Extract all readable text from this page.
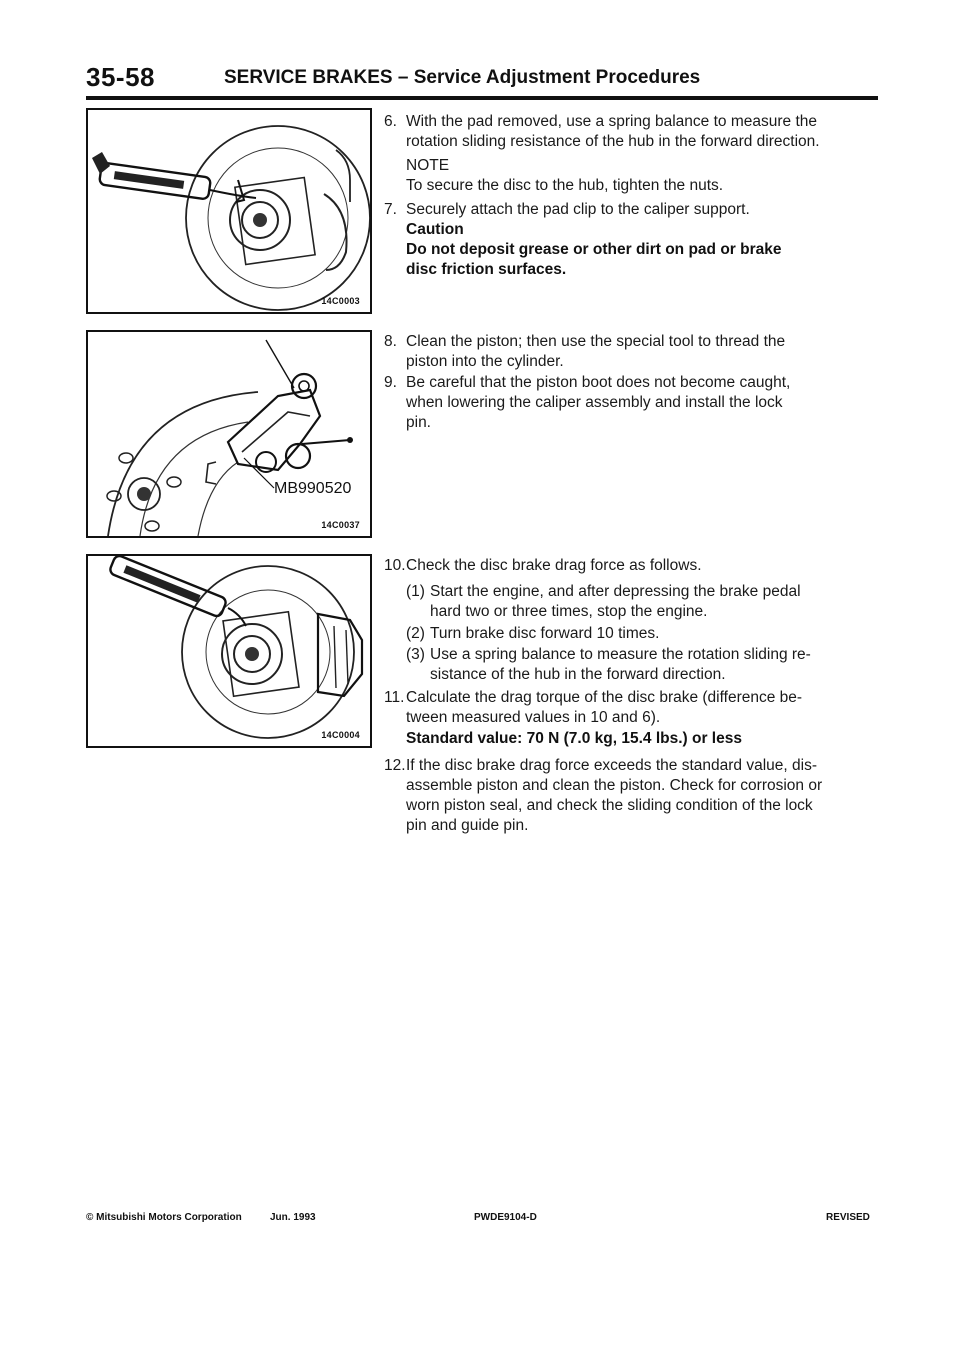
35-58	SERVICE BRAKES – Service Adjustment Procedures
14C0003
MB990520
14C0037
14C0004
6. With the pad removed, use a spring balance to measure the
rotation sliding resistance of the hub in the forward direction.
NOTE
To secure the disc to the hub, tighten the nuts.
7. Securely attach the pad clip to the caliper support.
Caution
Do not deposit grease or other dirt on pad or brake
disc friction surfaces.
8. Clean the piston; then use the special tool to thread the
piston into the cylinder.
9. Be careful that the piston boot does not become caught,
when lowering the caliper assembly and install the lock
pin.
10. Check the disc brake drag force as follows.
(1) Start the engine, and after depressing the brake pedal
hard two or three times, stop the engine.
(2) Turn brake disc forward 10 times.
(3) Use a spring balance to measure the rotation sliding re-
sistance of the hub in the forward direction.
11. Calculate the drag torque of the disc brake (difference be-
tween measured values in 10 and 6).
Standard value: 70 N (7.0 kg, 15.4 lbs.) or less
12. If the disc brake drag force exceeds the standard value, dis-
assemble piston and clean the piston. Check for corrosion or
worn piston seal, and check the sliding condition of the lock
pin and guide pin.
© Mitsubishi Motors Corporation	Jun. 1993	PWDE9104-D	REVISED
